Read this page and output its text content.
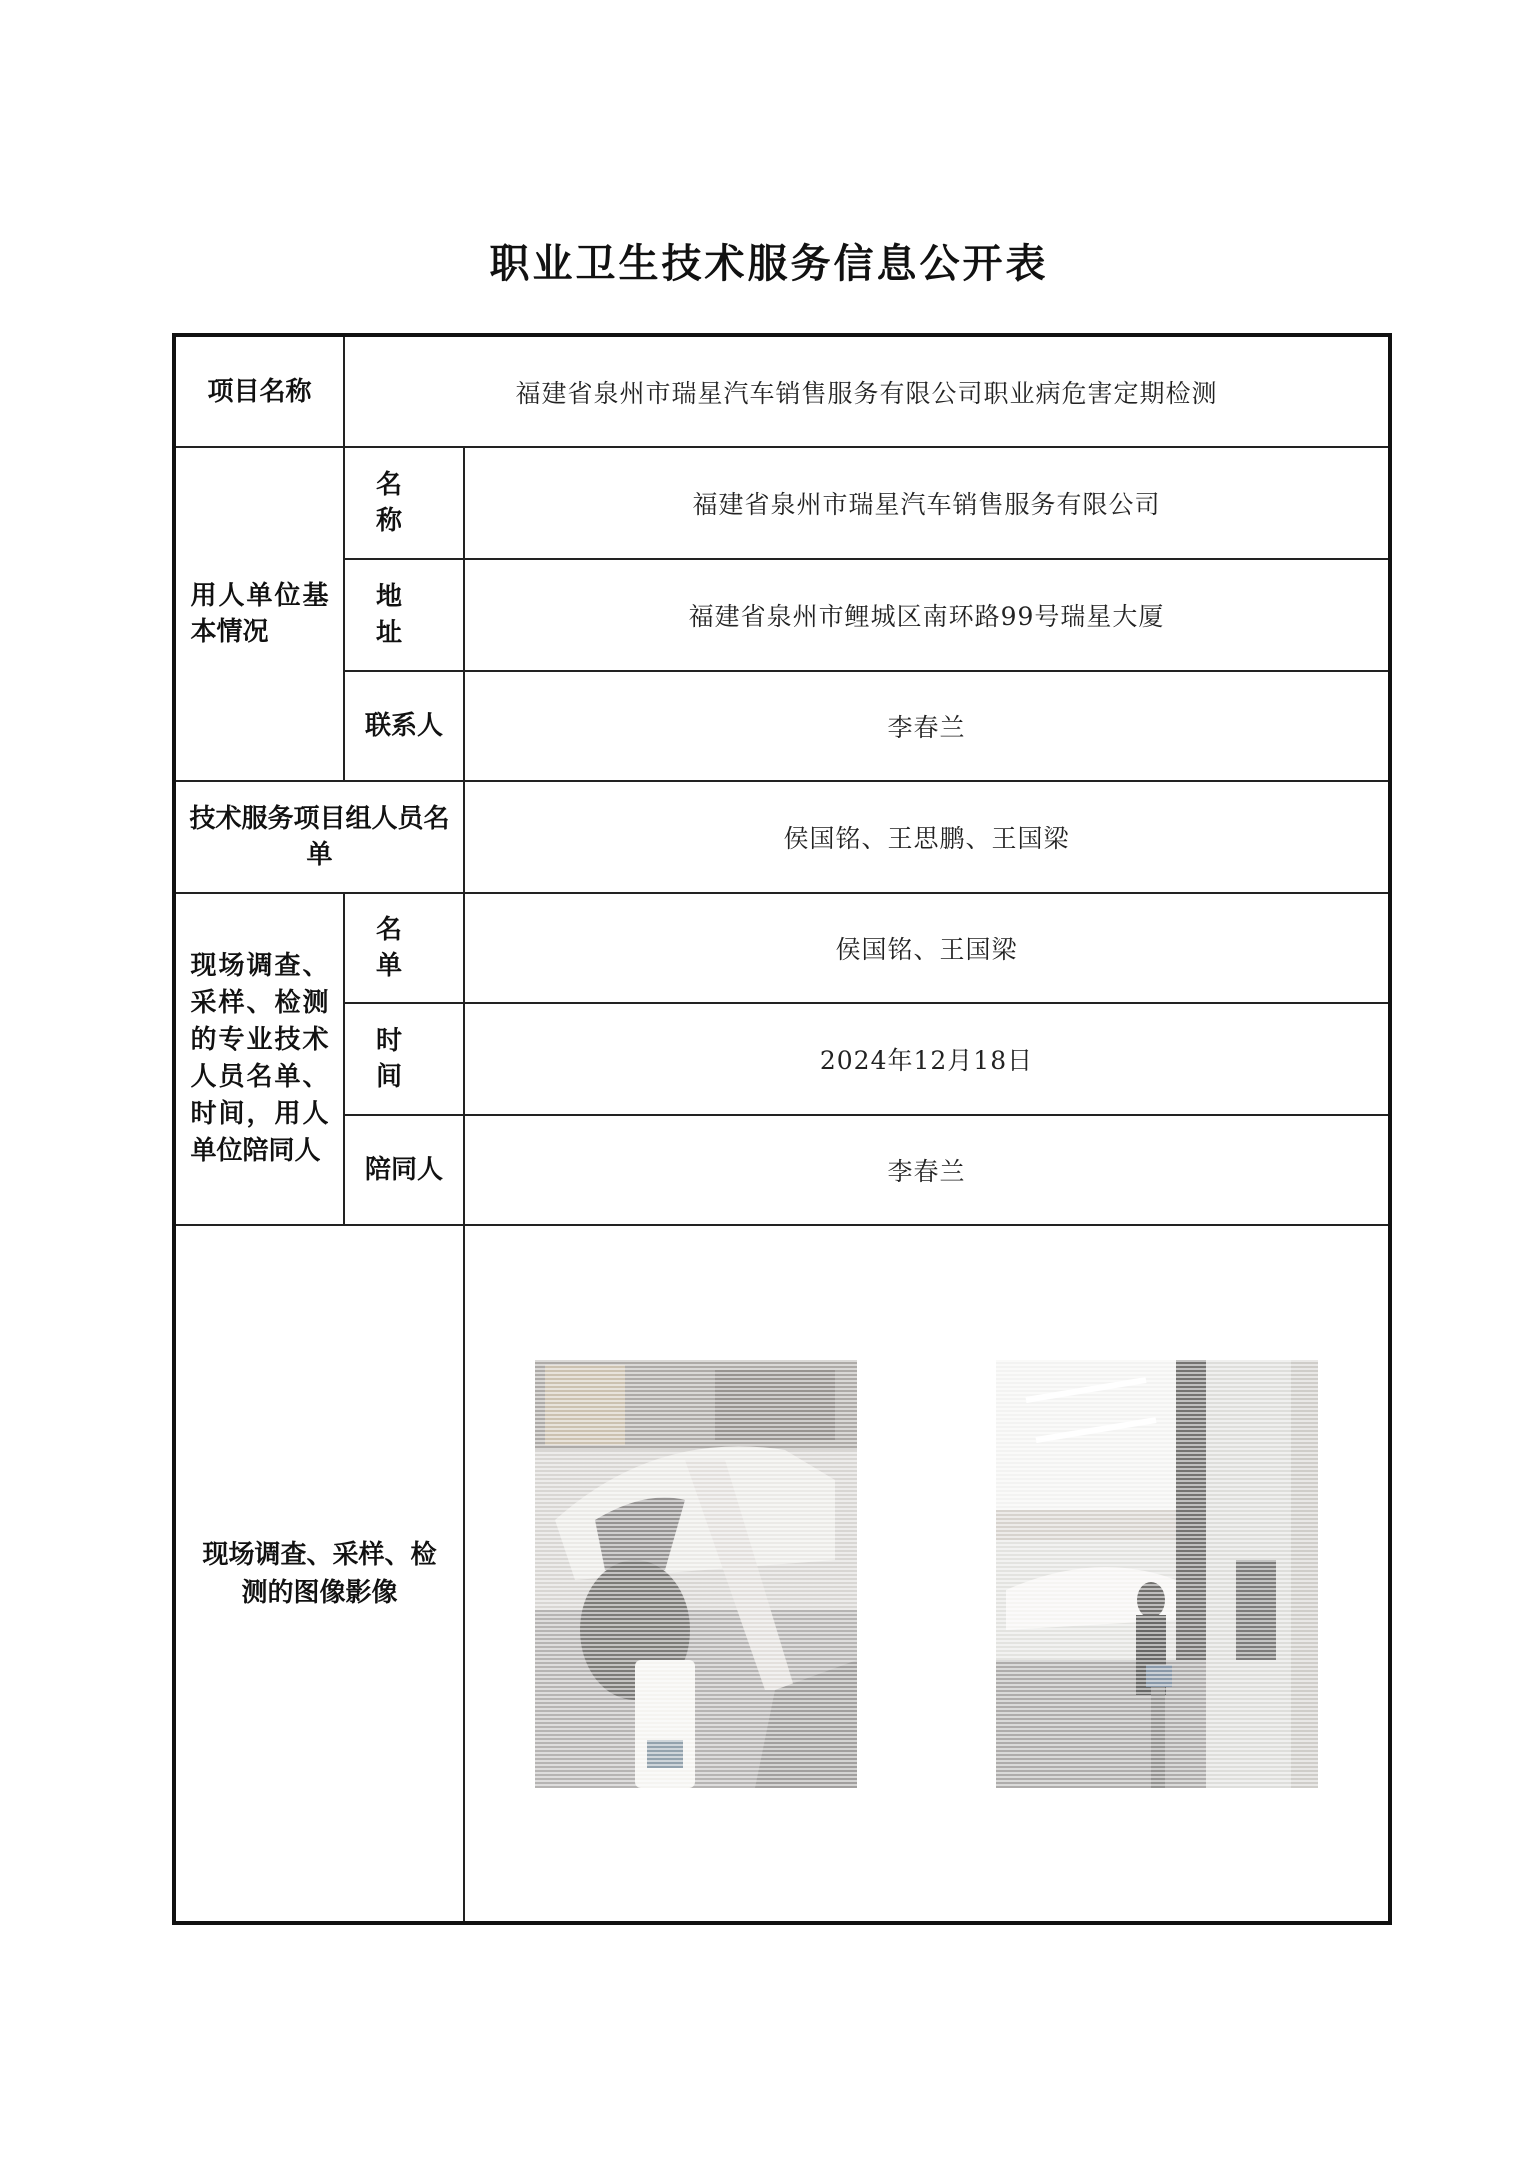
职业卫生技术服务信息公开表
项目名称	福建省泉州市瑞星汽车销售服务有限公司职业病危害定期检测	
用人单位基本情况	名 称	福建省泉州市瑞星汽车销售服务有限公司
	地 址	福建省泉州市鲤城区南环路99号瑞星大厦
	联系人	李春兰
技术服务项目组人员名单		侯国铭、王思鹏、王国梁
现场调查、采样、检测的专业技术人员名单、时间，用人单位陪同人	名 单	侯国铭、王国梁
	时 间	2024年12月18日
	陪同人	李春兰
现场调查、采样、检测的图像影像	
